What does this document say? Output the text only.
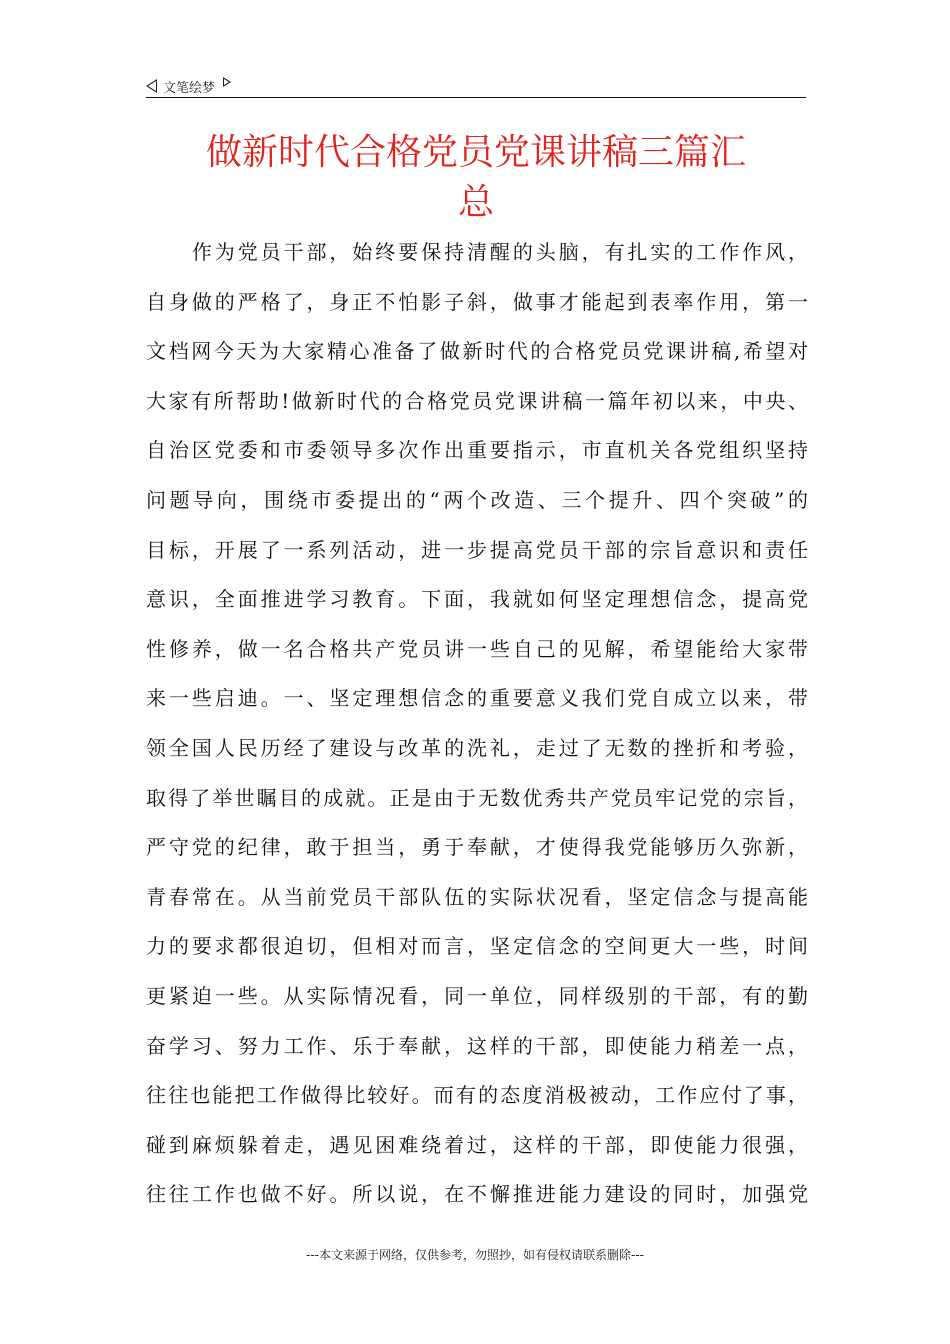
文笔绘梦
做新时代合格党员党课讲稿三篇汇
总
　　作为党员干部，始终要保持清醒的头脑，有扎实的工作作风，
自身做的严格了，身正不怕影子斜，做事才能起到表率作用，第一
文档网今天为大家精心准备了做新时代的合格党员党课讲稿,希望对
大家有所帮助!做新时代的合格党员党课讲稿一篇年初以来，中央、
自治区党委和市委领导多次作出重要指示，市直机关各党组织坚持
问题导向，围绕市委提出的“两个改造、三个提升、四个突破”的
目标，开展了一系列活动，进一步提高党员干部的宗旨意识和责任
意识，全面推进学习教育。下面，我就如何坚定理想信念，提高党
性修养，做一名合格共产党员讲一些自己的见解，希望能给大家带
来一些启迪。一、坚定理想信念的重要意义我们党自成立以来，带
领全国人民历经了建设与改革的洗礼，走过了无数的挫折和考验，
取得了举世瞩目的成就。正是由于无数优秀共产党员牢记党的宗旨，
严守党的纪律，敢于担当，勇于奉献，才使得我党能够历久弥新，
青春常在。从当前党员干部队伍的实际状况看，坚定信念与提高能
力的要求都很迫切，但相对而言，坚定信念的空间更大一些，时间
更紧迫一些。从实际情况看，同一单位，同样级别的干部，有的勤
奋学习、努力工作、乐于奉献，这样的干部，即使能力稍差一点，
往往也能把工作做得比较好。而有的态度消极被动，工作应付了事，
碰到麻烦躲着走，遇见困难绕着过，这样的干部，即使能力很强，
往往工作也做不好。所以说，在不懈推进能力建设的同时，加强党
---本文来源于网络，仅供参考，勿照抄，如有侵权请联系删除---
